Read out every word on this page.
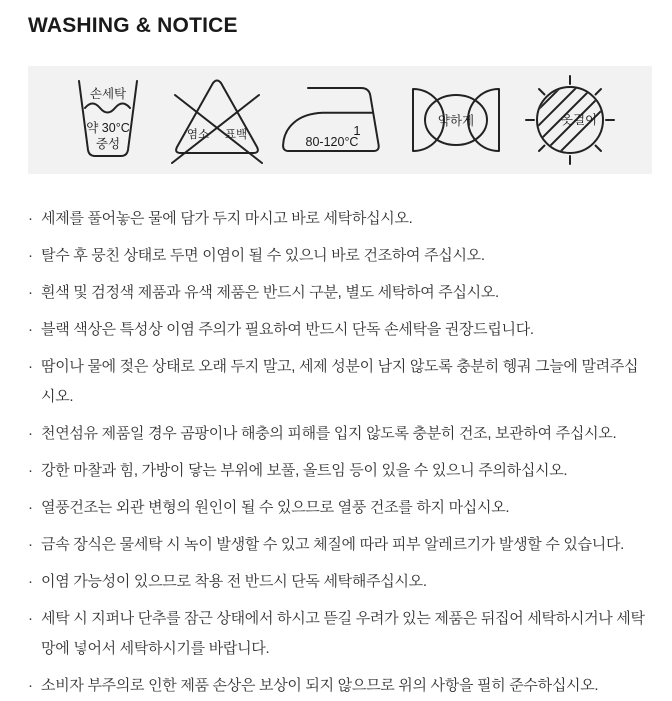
WASHING & NOTICE
손세탁
약 30°C
중성
염소 표백	1
80-120°C
약하게	옷걸이
· 세제를 풀어놓은 물에 담가 두지 마시고 바로 세탁하십시오.
· 탈수 후 뭉친 상태로 두면 이염이 될 수 있으니 바로 건조하여 주십시오.
· 흰색 및 검정색 제품과 유색 제품은 반드시 구분, 별도 세탁하여 주십시오.
· 블랙 색상은 특성상 이염 주의가 필요하여 반드시 단독 손세탁을 권장드립니다.
· 땀이나 물에 젖은 상태로 오래 두지 말고, 세제 성분이 남지 않도록 충분히 헹궈 그늘에 말려주십시오.
· 천연섬유 제품일 경우 곰팡이나 해충의 피해를 입지 않도록 충분히 건조, 보관하여 주십시오.
· 강한 마찰과 힘, 가방이 닿는 부위에 보풀, 올트임 등이 있을 수 있으니 주의하십시오.
· 열풍건조는 외관 변형의 원인이 될 수 있으므로 열풍 건조를 하지 마십시오.
· 금속 장식은 물세탁 시 녹이 발생할 수 있고 체질에 따라 피부 알레르기가 발생할 수 있습니다.
· 이염 가능성이 있으므로 착용 전 반드시 단독 세탁해주십시오.
· 세탁 시 지퍼나 단추를 잠근 상태에서 하시고 뜯길 우려가 있는 제품은 뒤집어 세탁하시거나 세탁망에 넣어서 세탁하시기를 바랍니다.
· 소비자 부주의로 인한 제품 손상은 보상이 되지 않으므로 위의 사항을 필히 준수하십시오.
